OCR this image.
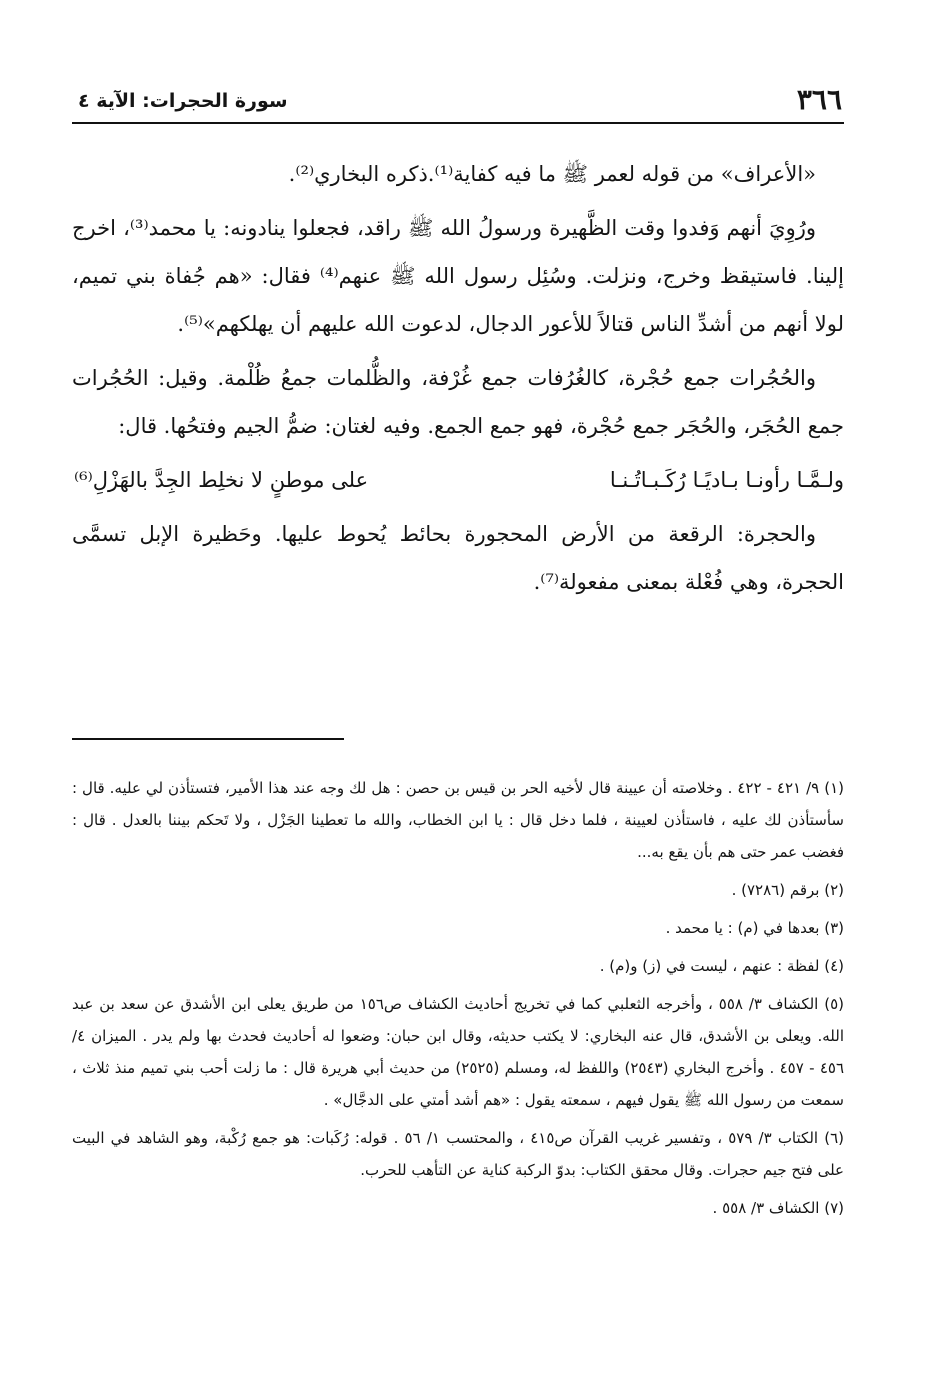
٣٦٦
سورة الحجرات: الآية ٤

«الأعراف» من قوله لعمر ﷺ ما فيه كفاية⁽¹⁾.ذكره البخاري⁽²⁾.

ورُوِيَ أنهم وَفدوا وقت الظَّهيرة ورسولُ الله ﷺ راقد، فجعلوا ينادونه: يا محمد⁽³⁾، اخرج إلينا. فاستيقظ وخرج، ونزلت. وسُئِل رسول الله ﷺ عنهم⁽⁴⁾ فقال: «هم جُفاة بني تميم، لولا أنهم من أشدِّ الناس قتالاً للأعور الدجال، لدعوت الله عليهم أن يهلكهم»⁽⁵⁾.

والحُجُرات جمع حُجْرة، كالغُرُفات جمع غُرْفة، والظُّلمات جمعُ ظُلْمة. وقيل: الحُجُرات جمع الحُجَر، والحُجَر جمع حُجْرة، فهو جمع الجمع. وفيه لغتان: ضمُّ الجيم وفتحُها. قال:

ولـمَّـا رأونـا بـاديًـا رُكَـبـاتُـنـا
على موطنٍ لا نخلِط الجِدَّ بالهَزْلِ⁽⁶⁾

والحجرة: الرقعة من الأرض المحجورة بحائط يُحوط عليها. وحَظيرة الإبل تسمَّى الحجرة، وهي فُعْلة بمعنى مفعولة⁽⁷⁾.

(١) ٩/ ٤٢١ - ٤٢٢ . وخلاصته أن عيينة قال لأخيه الحر بن قيس بن حصن : هل لك وجه عند هذا الأمير، فتستأذن لي عليه. قال : سأستأذن لك عليه ، فاستأذن لعيينة ، فلما دخل قال : يا ابن الخطاب، والله ما تعطينا الجَزْل ، ولا تَحكم بيننا بالعدل . قال : فغضب عمر حتى هم بأن يقع به...
(٢) برقم (٧٢٨٦) .
(٣) بعدها في (م) : يا محمد .
(٤) لفظة : عنهم ، ليست في (ز) و(م) .
(٥) الكشاف ٣/ ٥٥٨ ، وأخرجه الثعلبي كما في تخريج أحاديث الكشاف ص١٥٦ من طريق يعلى ابن الأشدق عن سعد بن عبد الله. ويعلى بن الأشدق، قال عنه البخاري: لا يكتب حديثه، وقال ابن حبان: وضعوا له أحاديث فحدث بها ولم يدر . الميزان ٤/ ٤٥٦ - ٤٥٧ . وأخرج البخاري (٢٥٤٣) واللفظ له، ومسلم (٢٥٢٥) من حديث أبي هريرة قال : ما زلت أحب بني تميم منذ ثلاث ، سمعت من رسول الله ﷺ يقول فيهم ، سمعته يقول : «هم أشد أمتي على الدجَّال» .
(٦) الكتاب ٣/ ٥٧٩ ، وتفسير غريب القرآن ص٤١٥ ، والمحتسب ١/ ٥٦ . قوله: رُكَبات: هو جمع رُكْبة، وهو الشاهد في البيت على فتح جيم حجرات. وقال محقق الكتاب: بدوّ الركبة كناية عن التأهب للحرب.
(٧) الكشاف ٣/ ٥٥٨ .
